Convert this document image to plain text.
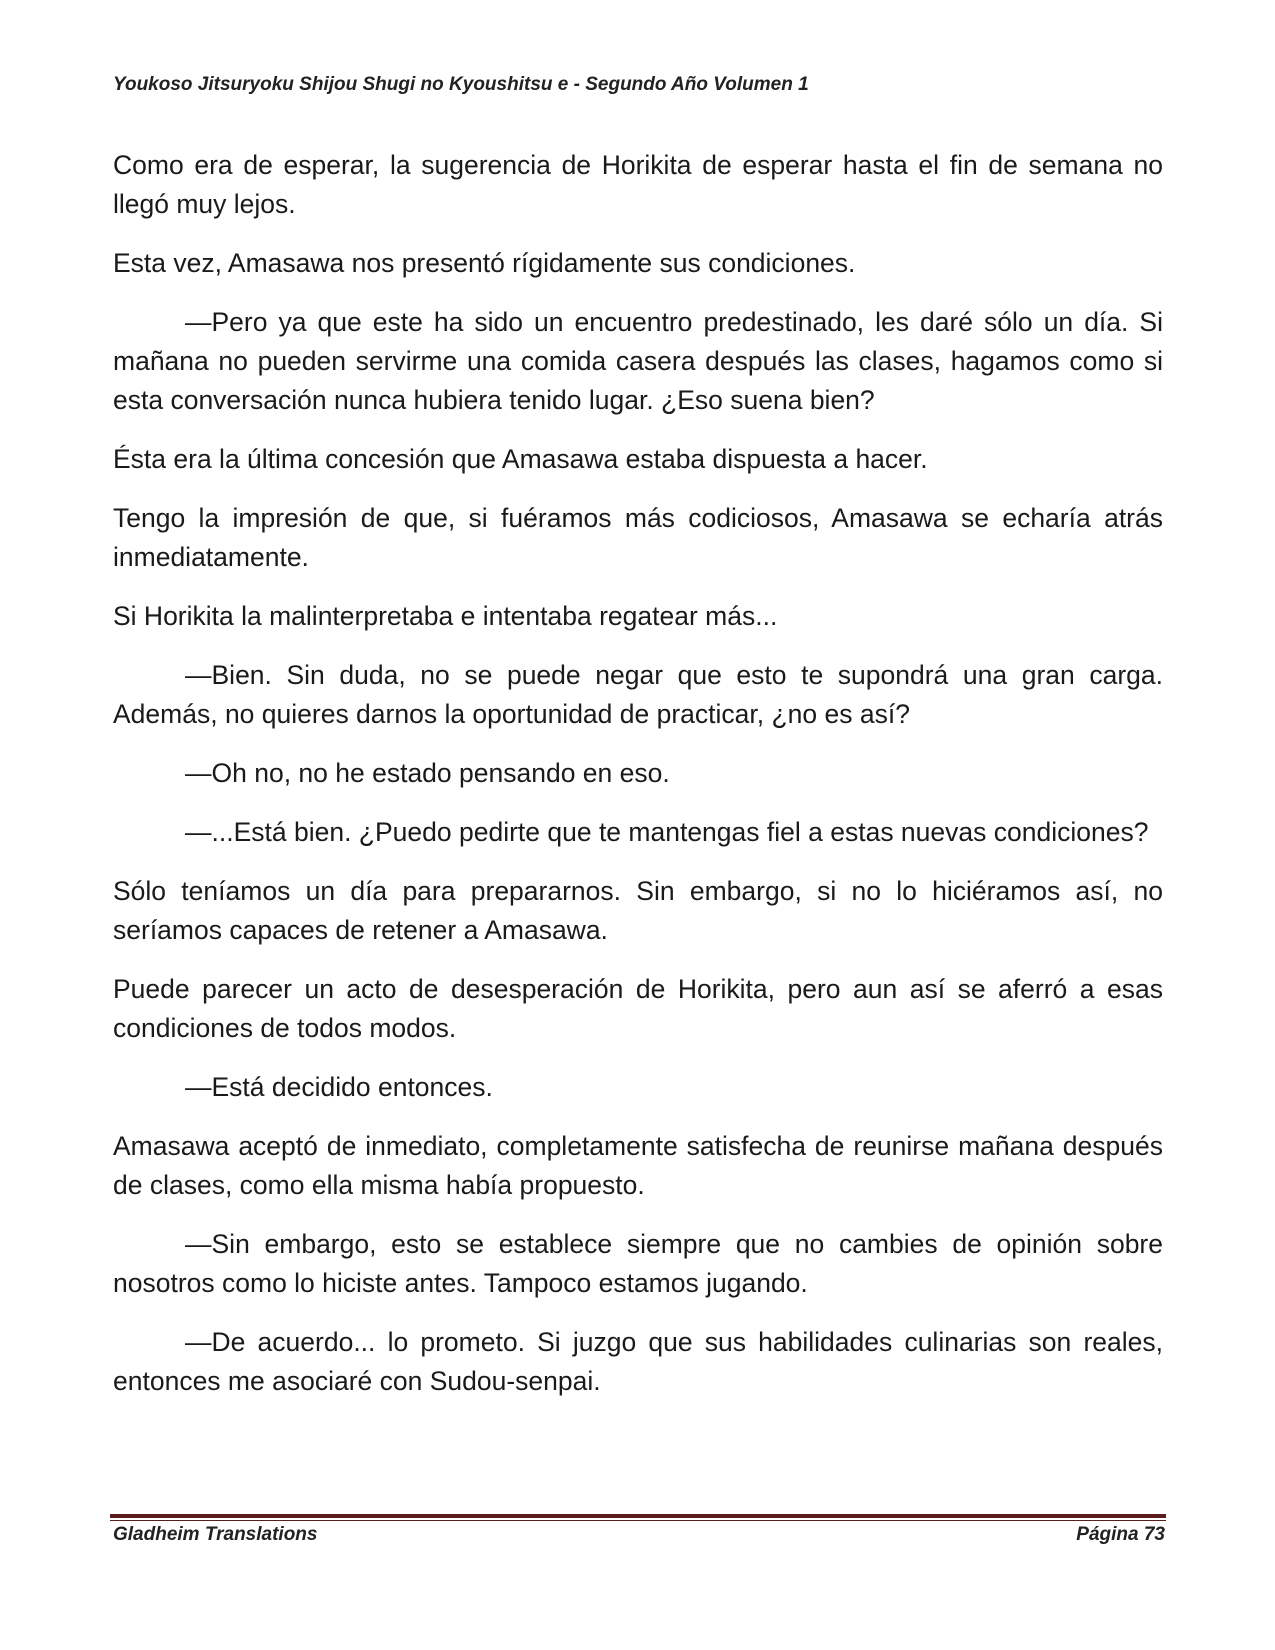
Youkoso Jitsuryoku Shijou Shugi no Kyoushitsu e - Segundo Año Volumen 1

Como era de esperar, la sugerencia de Horikita de esperar hasta el fin de semana no llegó muy lejos.

Esta vez, Amasawa nos presentó rígidamente sus condiciones.

—Pero ya que este ha sido un encuentro predestinado, les daré sólo un día. Si mañana no pueden servirme una comida casera después las clases, hagamos como si esta conversación nunca hubiera tenido lugar. ¿Eso suena bien?

Ésta era la última concesión que Amasawa estaba dispuesta a hacer.

Tengo la impresión de que, si fuéramos más codiciosos, Amasawa se echaría atrás inmediatamente.

Si Horikita la malinterpretaba e intentaba regatear más...

—Bien. Sin duda, no se puede negar que esto te supondrá una gran carga. Además, no quieres darnos la oportunidad de practicar, ¿no es así?

—Oh no, no he estado pensando en eso.

—...Está bien. ¿Puedo pedirte que te mantengas fiel a estas nuevas condiciones?

Sólo teníamos un día para prepararnos. Sin embargo, si no lo hiciéramos así, no seríamos capaces de retener a Amasawa.

Puede parecer un acto de desesperación de Horikita, pero aun así se aferró a esas condiciones de todos modos.

—Está decidido entonces.

Amasawa aceptó de inmediato, completamente satisfecha de reunirse mañana después de clases, como ella misma había propuesto.

—Sin embargo, esto se establece siempre que no cambies de opinión sobre nosotros como lo hiciste antes. Tampoco estamos jugando.

—De acuerdo... lo prometo. Si juzgo que sus habilidades culinarias son reales, entonces me asociaré con Sudou-senpai.

Gladheim Translations	Página 73
